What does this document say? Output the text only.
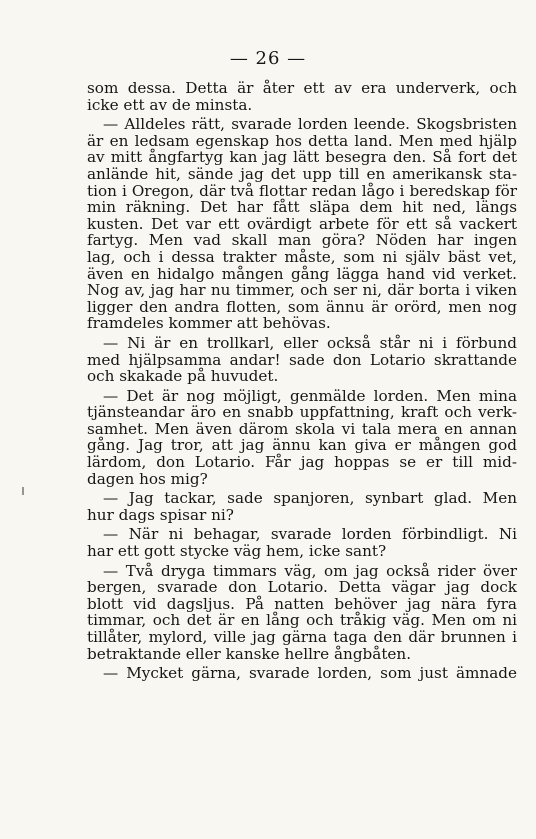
— 26 —
som dessa. Detta är åter ett av era underverk, och
icke ett av de minsta.
— Alldeles rätt, svarade lorden leende. Skogsbristen
är en ledsam egenskap hos detta land. Men med hjälp
av mitt ångfartyg kan jag lätt besegra den. Så fort det
anlände hit, sände jag det upp till en amerikansk sta-
tion i Oregon, där två flottar redan lågo i beredskap för
min räkning. Det har fått släpa dem hit ned, längs
kusten. Det var ett ovärdigt arbete för ett så vackert
fartyg. Men vad skall man göra? Nöden har ingen
lag, och i dessa trakter måste, som ni själv bäst vet,
även en hidalgo mången gång lägga hand vid verket.
Nog av, jag har nu timmer, och ser ni, där borta i viken
ligger den andra flotten, som ännu är orörd, men nog
framdeles kommer att behövas.
— Ni är en trollkarl, eller också står ni i förbund
med hjälpsamma andar! sade don Lotario skrattande
och skakade på huvudet.
— Det är nog möjligt, genmälde lorden. Men mina
tjänsteandar äro en snabb uppfattning, kraft och verk-
samhet. Men även därom skola vi tala mera en annan
gång. Jag tror, att jag ännu kan giva er mången god
lärdom, don Lotario. Får jag hoppas se er till mid-
dagen hos mig?
— Jag tackar, sade spanjoren, synbart glad. Men
hur dags spisar ni?
— När ni behagar, svarade lorden förbindligt. Ni
har ett gott stycke väg hem, icke sant?
— Två dryga timmars väg, om jag också rider över
bergen, svarade don Lotario. Detta vägar jag dock
blott vid dagsljus. På natten behöver jag nära fyra
timmar, och det är en lång och tråkig väg. Men om ni
tillåter, mylord, ville jag gärna taga den där brunnen i
betraktande eller kanske hellre ångbåten.
— Mycket gärna, svarade lorden, som just ämnade
